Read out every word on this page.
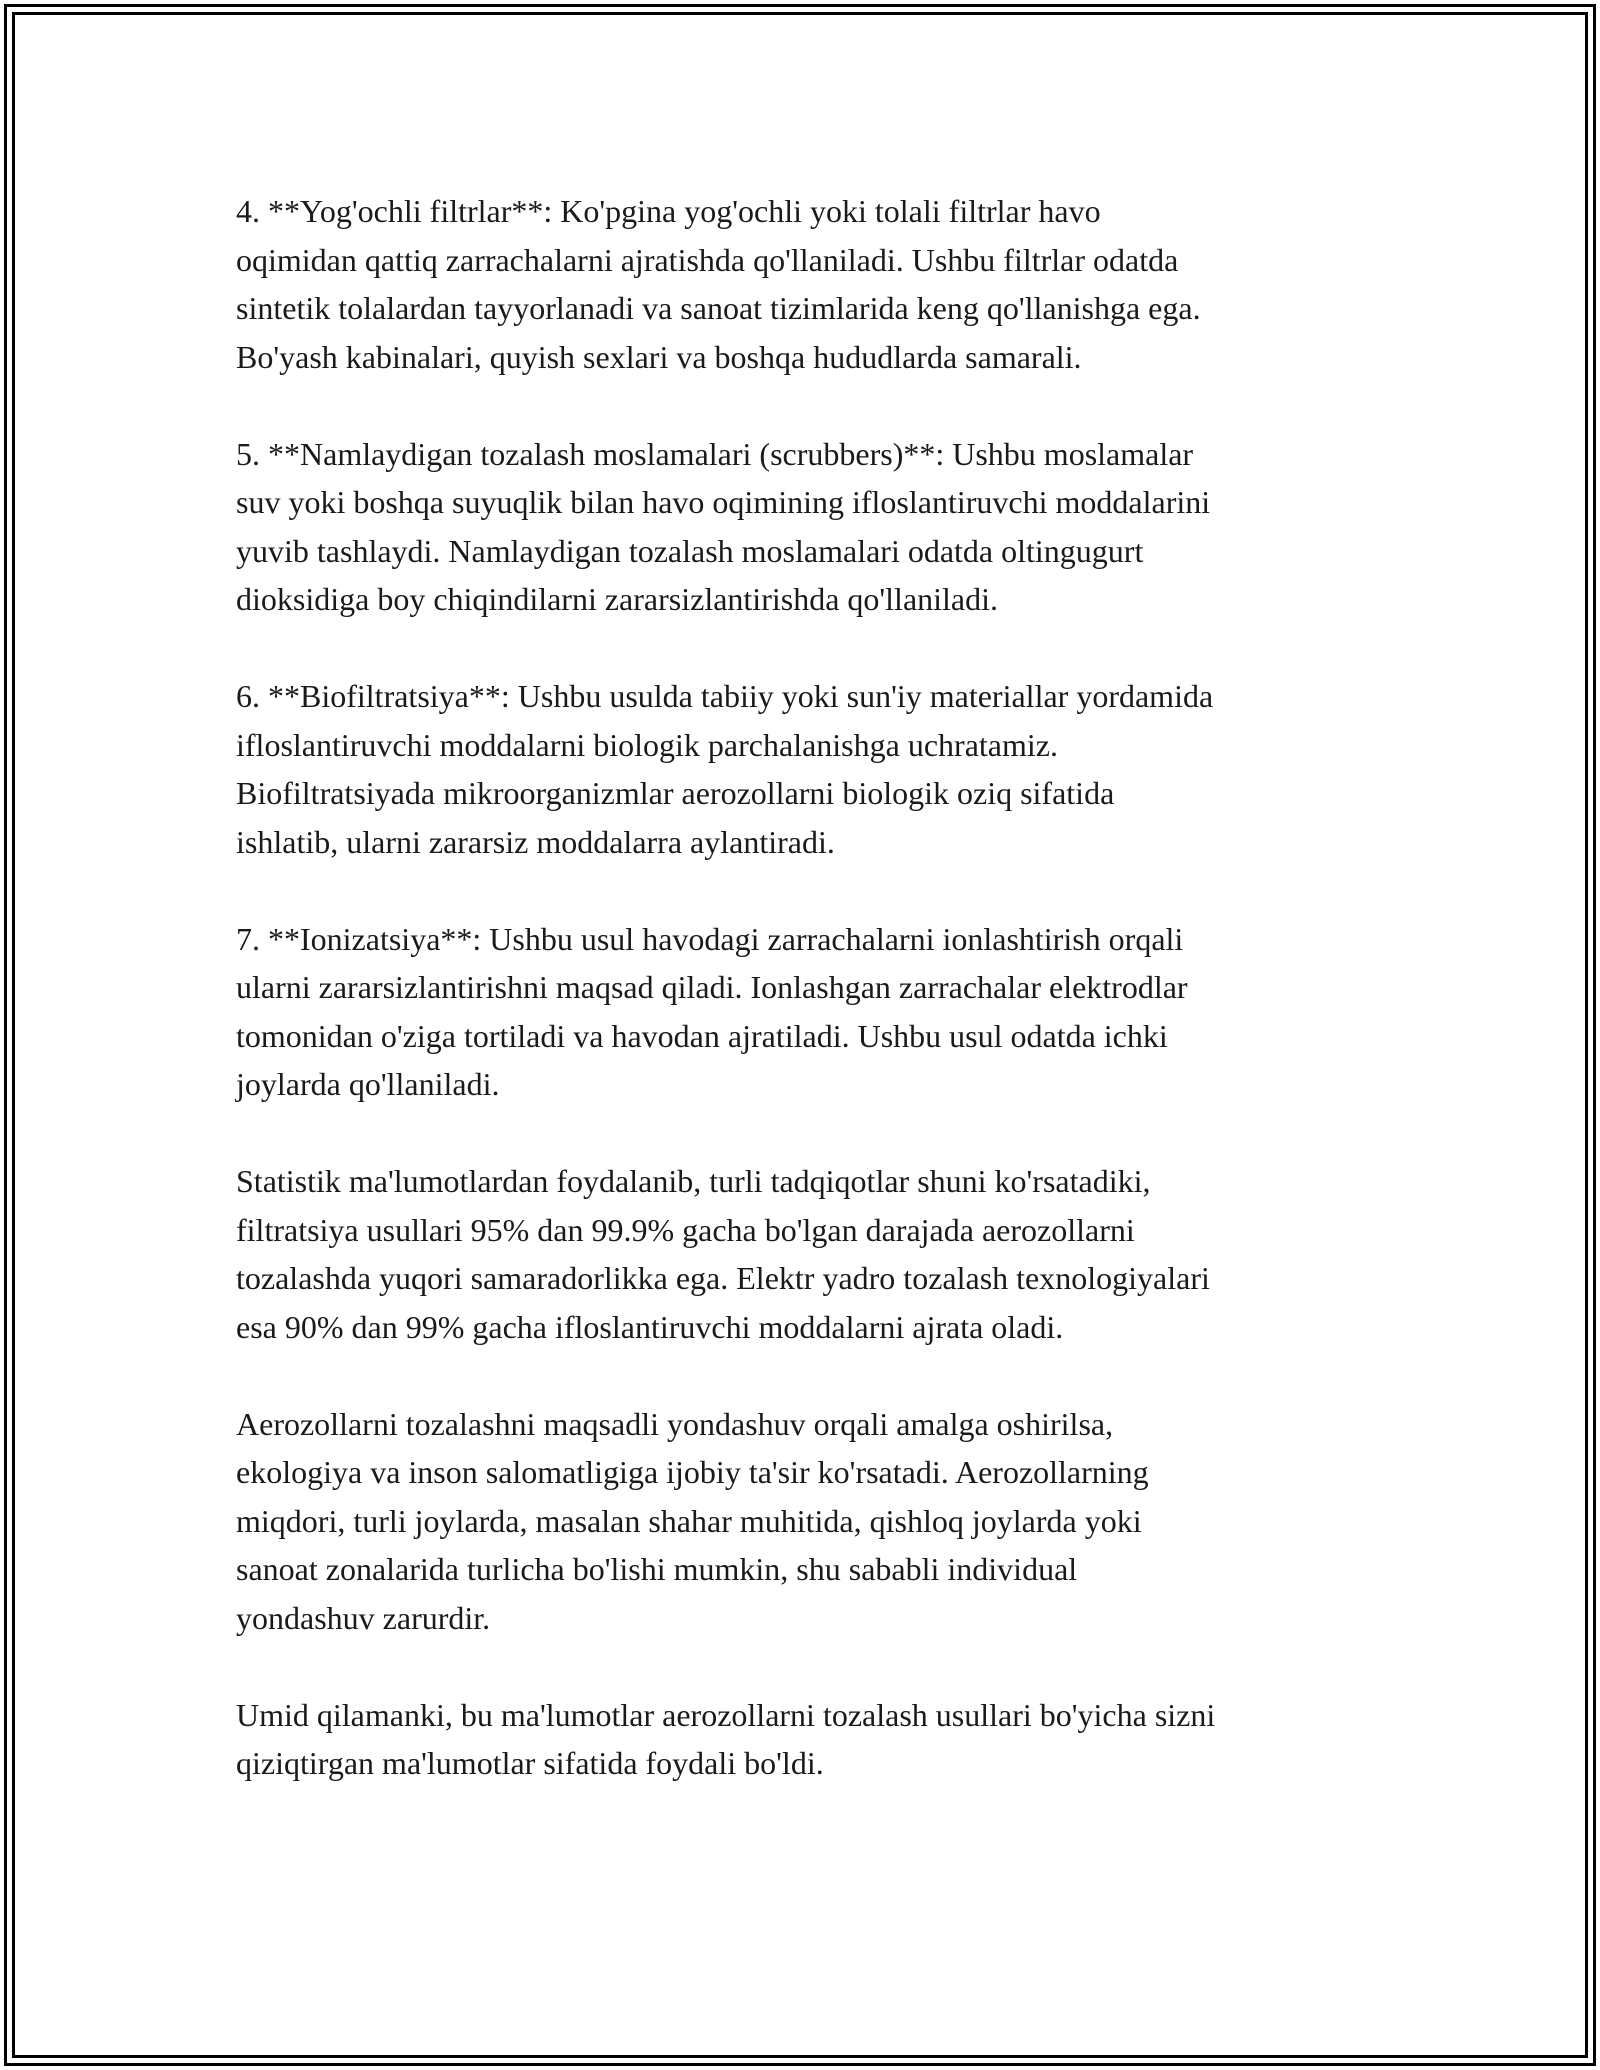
4. **Yog'ochli filtrlar**: Ko'pgina yog'ochli yoki tolali filtrlar havo
oqimidan qattiq zarrachalarni ajratishda qo'llaniladi. Ushbu filtrlar odatda
sintetik tolalardan tayyorlanadi va sanoat tizimlarida keng qo'llanishga ega.
Bo'yash kabinalari, quyish sexlari va boshqa hududlarda samarali.

5. **Namlaydigan tozalash moslamalari (scrubbers)**: Ushbu moslamalar
suv yoki boshqa suyuqlik bilan havo oqimining ifloslantiruvchi moddalarini
yuvib tashlaydi. Namlaydigan tozalash moslamalari odatda oltingugurt
dioksidiga boy chiqindilarni zararsizlantirishda qo'llaniladi.

6. **Biofiltratsiya**: Ushbu usulda tabiiy yoki sun'iy materiallar yordamida
ifloslantiruvchi moddalarni biologik parchalanishga uchratamiz.
Biofiltratsiyada mikroorganizmlar aerozollarni biologik oziq sifatida
ishlatib, ularni zararsiz moddalarra aylantiradi.

7. **Ionizatsiya**: Ushbu usul havodagi zarrachalarni ionlashtirish orqali
ularni zararsizlantirishni maqsad qiladi. Ionlashgan zarrachalar elektrodlar
tomonidan o'ziga tortiladi va havodan ajratiladi. Ushbu usul odatda ichki
joylarda qo'llaniladi.

Statistik ma'lumotlardan foydalanib, turli tadqiqotlar shuni ko'rsatadiki,
filtratsiya usullari 95% dan 99.9% gacha bo'lgan darajada aerozollarni
tozalashda yuqori samaradorlikka ega. Elektr yadro tozalash texnologiyalari
esa 90% dan 99% gacha ifloslantiruvchi moddalarni ajrata oladi.

Aerozollarni tozalashni maqsadli yondashuv orqali amalga oshirilsa,
ekologiya va inson salomatligiga ijobiy ta'sir ko'rsatadi. Aerozollarning
miqdori, turli joylarda, masalan shahar muhitida, qishloq joylarda yoki
sanoat zonalarida turlicha bo'lishi mumkin, shu sababli individual
yondashuv zarurdir.

Umid qilamanki, bu ma'lumotlar aerozollarni tozalash usullari bo'yicha sizni
qiziqtirgan ma'lumotlar sifatida foydali bo'ldi.
